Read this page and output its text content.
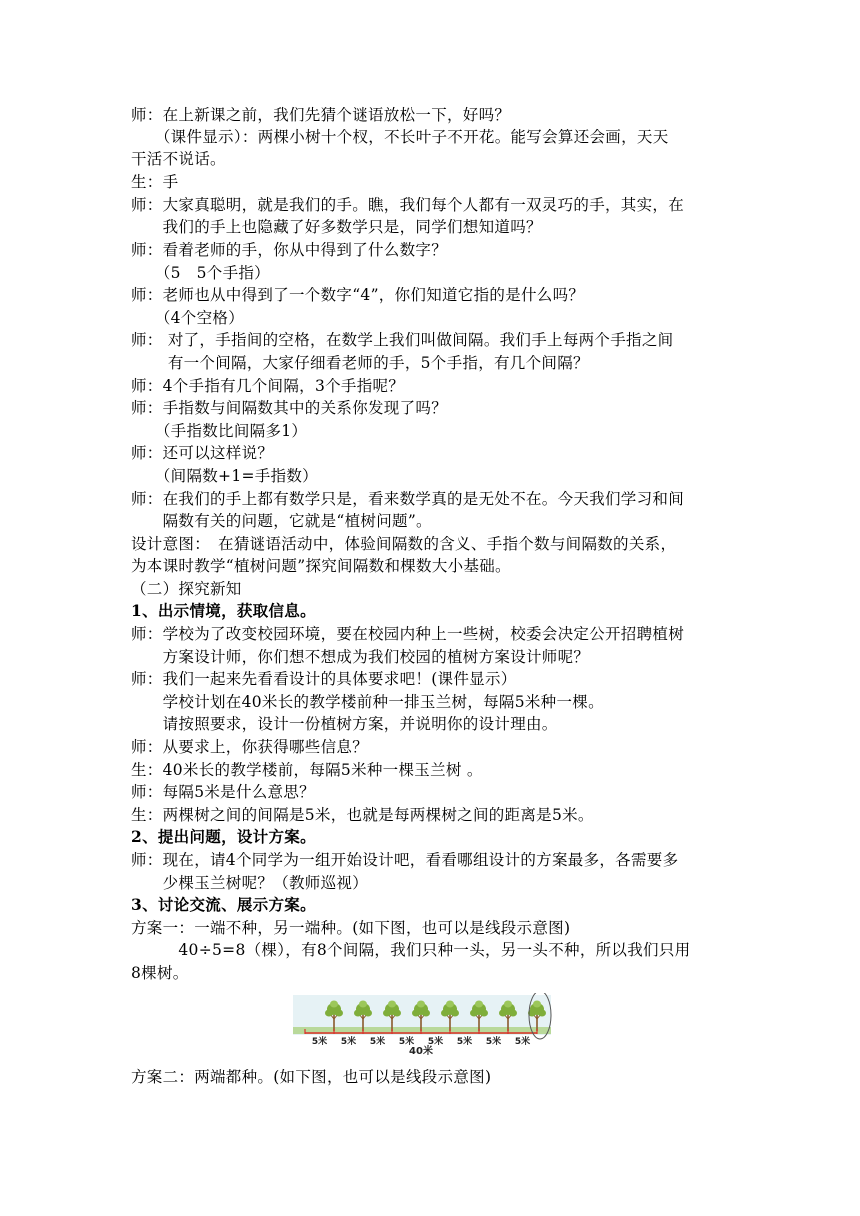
师：在上新课之前，我们先猜个谜语放松一下，好吗？
　　（课件显示）：两棵小树十个杈，不长叶子不开花。能写会算还会画，天天
干活不说话。
生：手
师：大家真聪明，就是我们的手。瞧，我们每个人都有一双灵巧的手，其实，在
　　我们的手上也隐藏了好多数学只是，同学们想知道吗？
师：看着老师的手，你从中得到了什么数字？
　　（5　5个手指）
师：老师也从中得到了一个数字“4”，你们知道它指的是什么吗？
　　（4个空格）
师： 对了，手指间的空格，在数学上我们叫做间隔。我们手上每两个手指之间
　　 有一个间隔，大家仔细看老师的手，5个手指，有几个间隔？
师：4个手指有几个间隔，3个手指呢？
师：手指数与间隔数其中的关系你发现了吗？
　　（手指数比间隔多1）
师：还可以这样说？
　　（间隔数+1=手指数）
师：在我们的手上都有数学只是，看来数学真的是无处不在。今天我们学习和间
　　隔数有关的问题，它就是“植树问题”。
设计意图：　在猜谜语活动中，体验间隔数的含义、手指个数与间隔数的关系，
为本课时教学“植树问题”探究间隔数和棵数大小基础。
（二）探究新知
1、出示情境，获取信息。
师：学校为了改变校园环境，要在校园内种上一些树，校委会决定公开招聘植树
　　方案设计师，你们想不想成为我们校园的植树方案设计师呢？
师：我们一起来先看看设计的具体要求吧！(课件显示）
　　学校计划在40米长的教学楼前种一排玉兰树，每隔5米种一棵。
　　请按照要求，设计一份植树方案，并说明你的设计理由。
师：从要求上，你获得哪些信息？
生：40米长的教学楼前，每隔5米种一棵玉兰树 。
师：每隔5米是什么意思？
生：两棵树之间的间隔是5米，也就是每两棵树之间的距离是5米。
2、提出问题，设计方案。
师：现在，请4个同学为一组开始设计吧，看看哪组设计的方案最多，各需要多
　　少棵玉兰树呢？（教师巡视）
3、讨论交流、展示方案。
方案一：一端不种，另一端种。(如下图，也可以是线段示意图)
　　　40÷5=8（棵），有8个间隔，我们只种一头，另一头不种，所以我们只用
8棵树。
5米 5米 5米 5米 5米 5米 5米 5米
40米
方案二：两端都种。(如下图，也可以是线段示意图)
